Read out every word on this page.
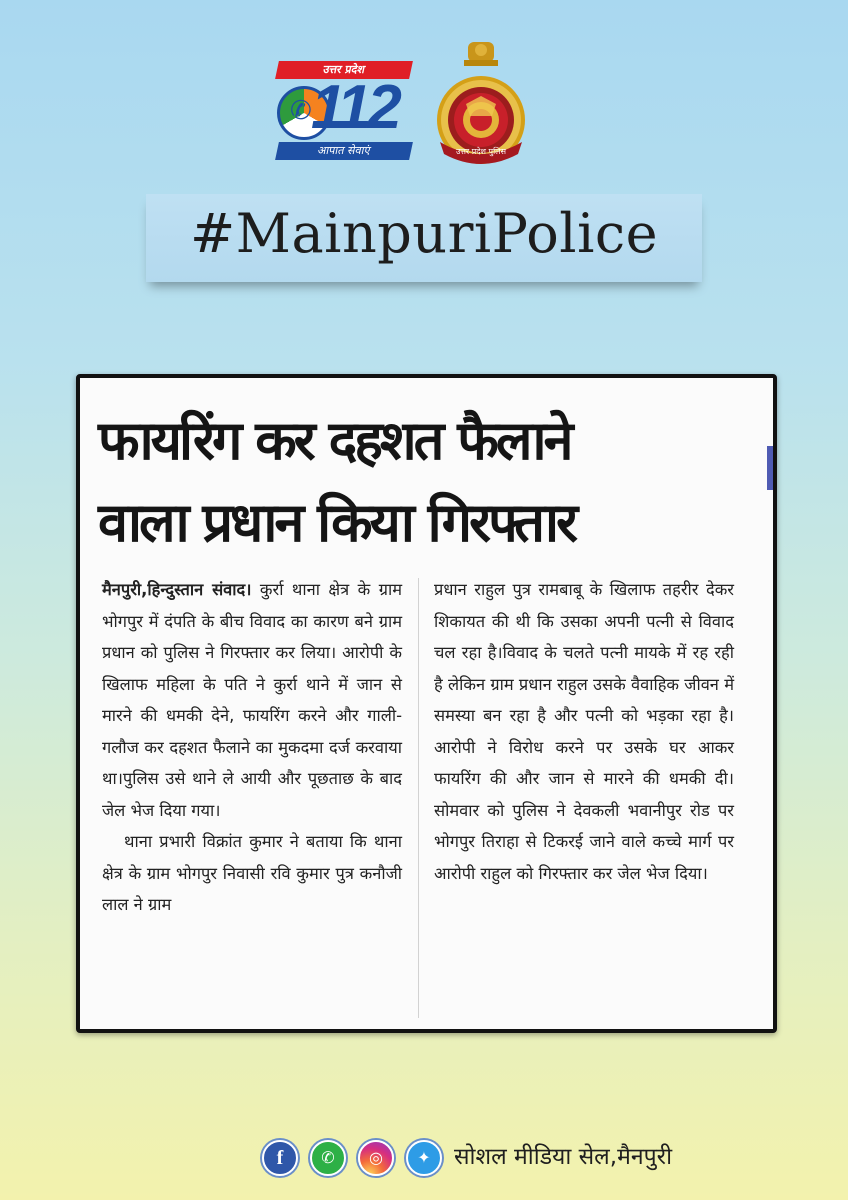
उत्तर प्रदेश
✆ 112
आपात सेवाएं	उत्तर प्रदेश पुलिस
#MainpuriPolice
फायरिंग कर दहशत फैलाने
वाला प्रधान किया गिरफ्तार

मैनपुरी,हिन्दुस्तान संवाद। कुर्रा थाना क्षेत्र के ग्राम भोगपुर में दंपति के बीच विवाद का कारण बने ग्राम प्रधान को पुलिस ने गिरफ्तार कर लिया। आरोपी के खिलाफ महिला के पति ने कुर्रा थाने में जान से मारने की धमकी देने, फायरिंग करने और गाली-गलौज कर दहशत फैलाने का मुकदमा दर्ज करवाया था।पुलिस उसे थाने ले आयी और पूछताछ के बाद जेल भेज दिया गया।

थाना प्रभारी विक्रांत कुमार ने बताया कि थाना क्षेत्र के ग्राम भोगपुर निवासी रवि कुमार पुत्र कनौजी लाल ने ग्राम

प्रधान राहुल पुत्र रामबाबू के खिलाफ तहरीर देकर शिकायत की थी कि उसका अपनी पत्नी से विवाद चल रहा है।विवाद के चलते पत्नी मायके में रह रही है लेकिन ग्राम प्रधान राहुल उसके वैवाहिक जीवन में समस्या बन रहा है और पत्नी को भड़का रहा है।आरोपी ने विरोध करने पर उसके घर आकर फायरिंग की और जान से मारने की धमकी दी। सोमवार को पुलिस ने देवकली भवानीपुर रोड पर भोगपुर तिराहा से टिकरई जाने वाले कच्चे मार्ग पर आरोपी राहुल को गिरफ्तार कर जेल भेज दिया।

f	✆	◎	✦	सोशल मीडिया सेल,मैनपुरी
